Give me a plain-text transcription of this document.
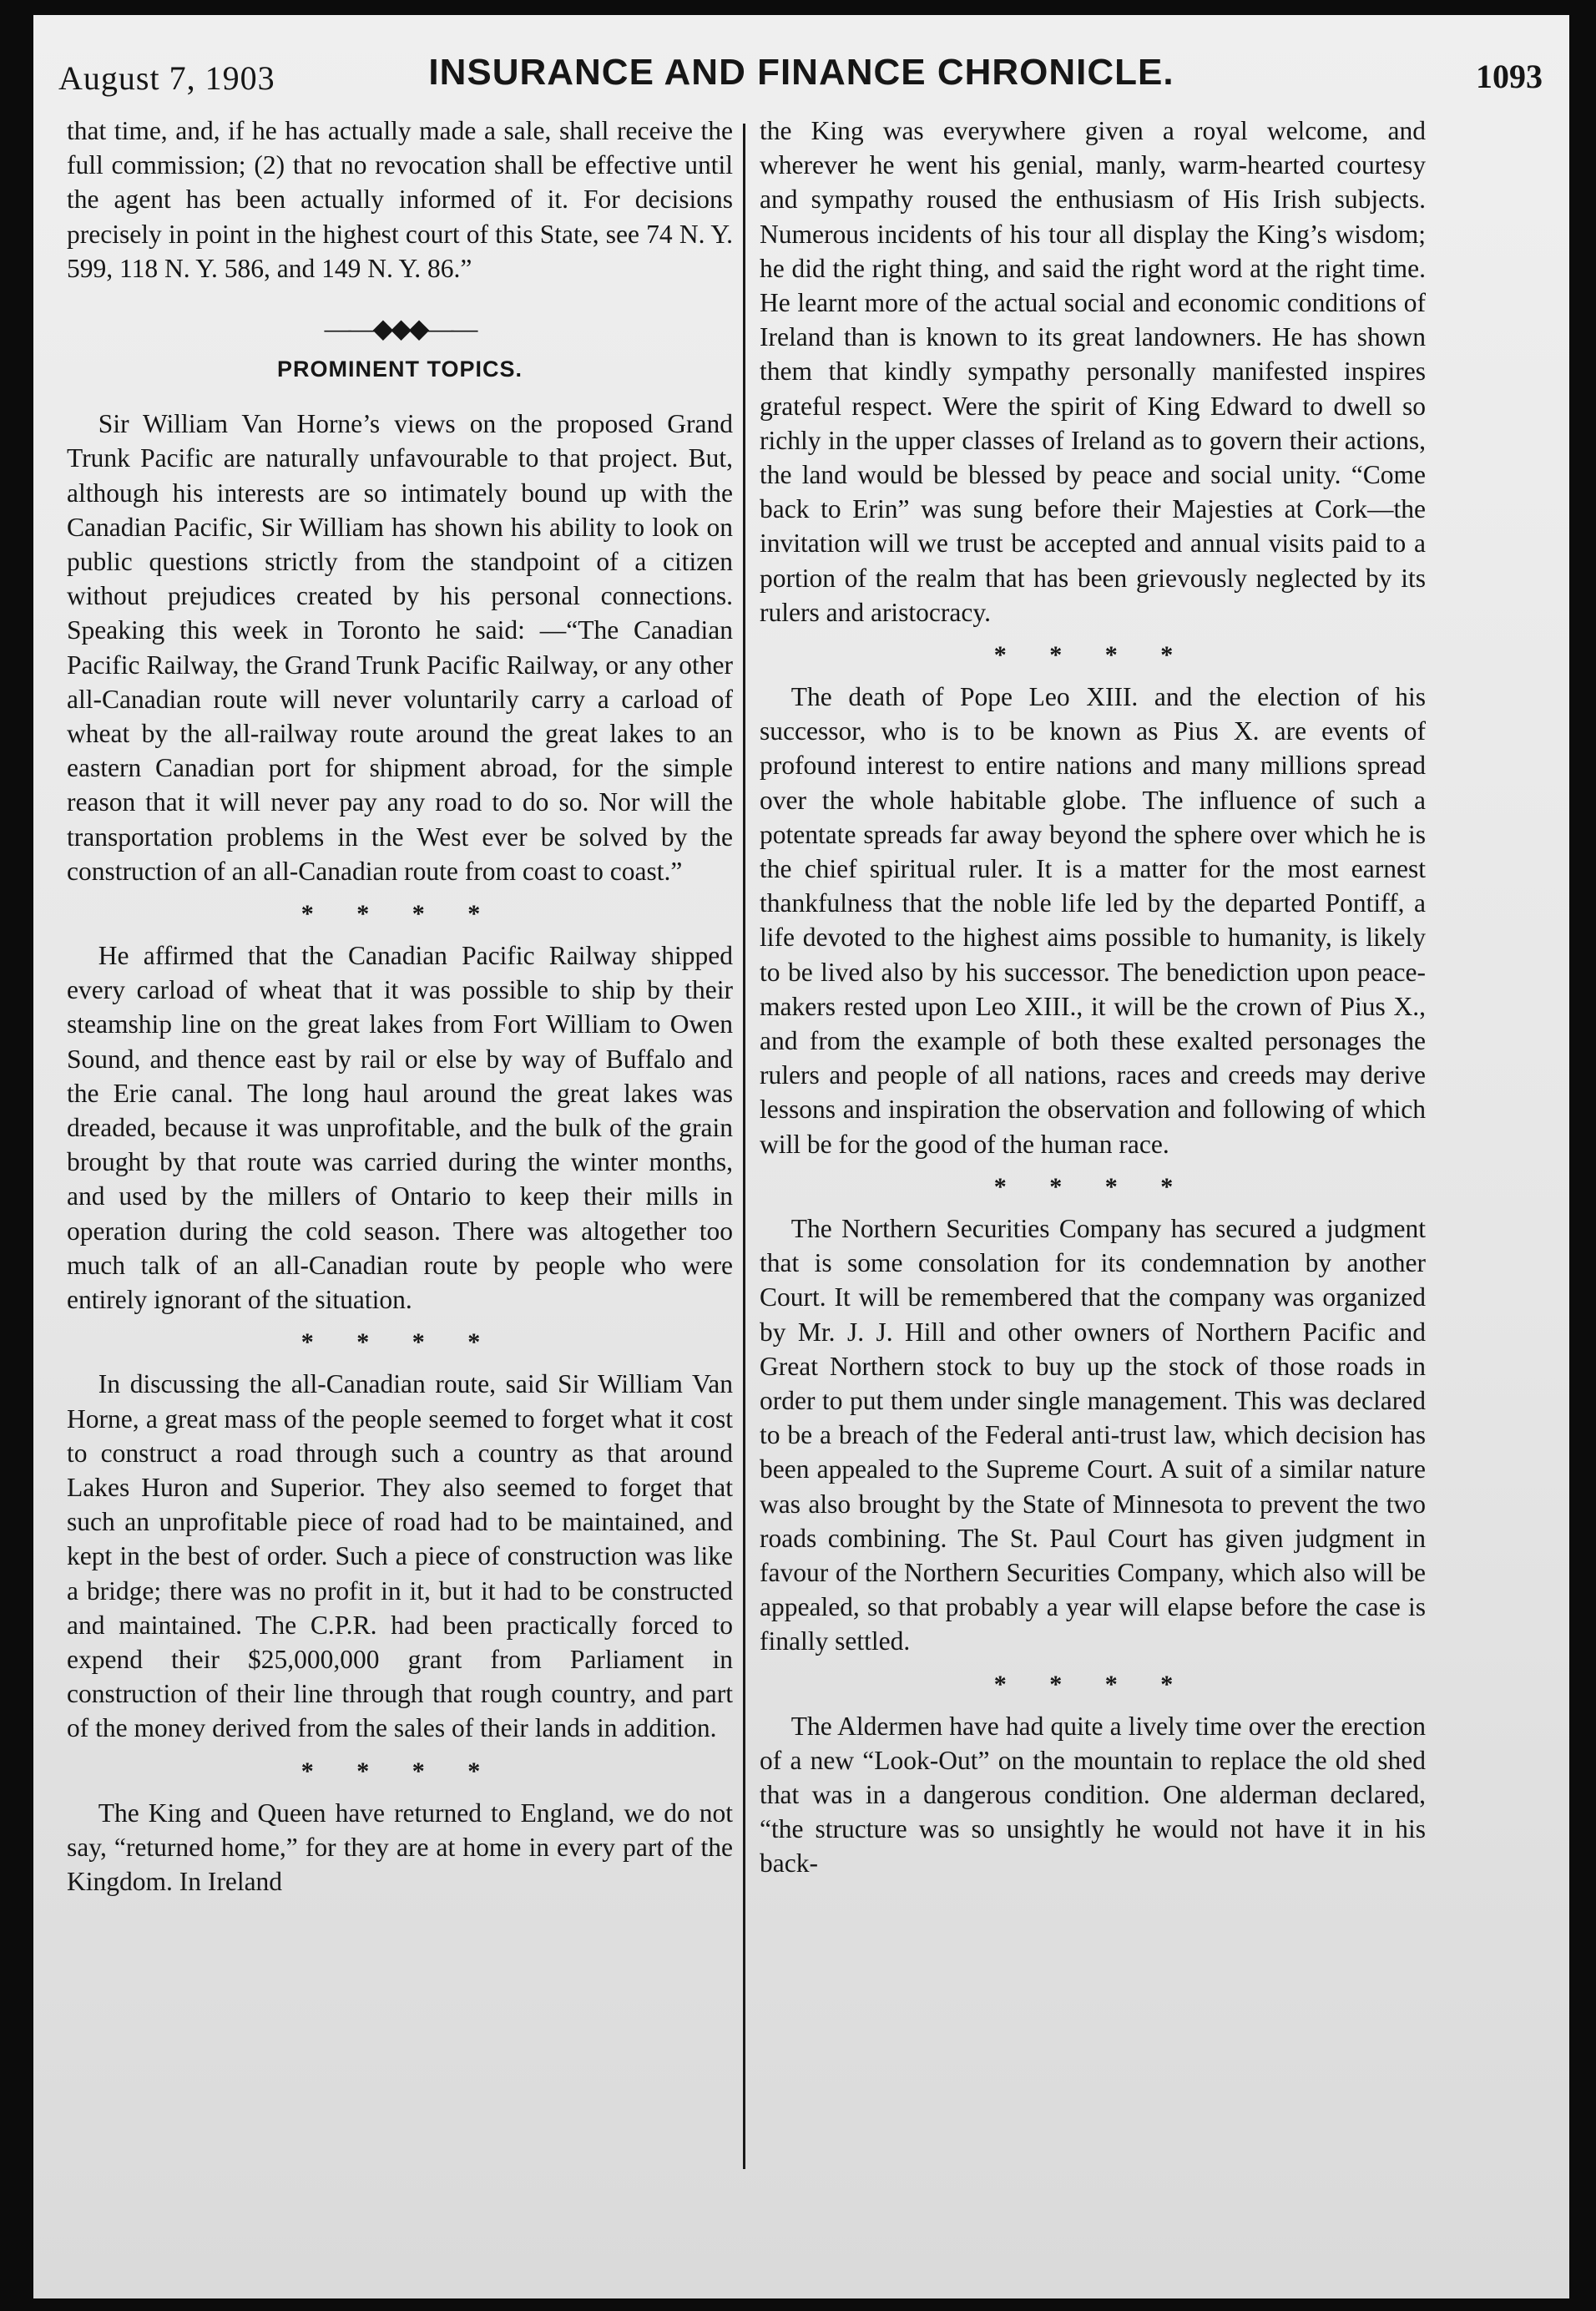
August 7, 1903	INSURANCE AND FINANCE CHRONICLE.	1093

that time, and, if he has actually made a sale, shall receive the full commission; (2) that no revocation shall be effective until the agent has been actually informed of it. For decisions precisely in point in the highest court of this State, see 74 N. Y. 599, 118 N. Y. 586, and 149 N. Y. 86.”

——◆◆◆——
PROMINENT TOPICS.

Sir William Van Horne’s views on the proposed Grand Trunk Pacific are naturally unfavourable to that project. But, although his interests are so intimately bound up with the Canadian Pacific, Sir William has shown his ability to look on public questions strictly from the standpoint of a citizen without prejudices created by his personal connections. Speaking this week in Toronto he said: —“The Canadian Pacific Railway, the Grand Trunk Pacific Railway, or any other all-Canadian route will never voluntarily carry a carload of wheat by the all-railway route around the great lakes to an eastern Canadian port for shipment abroad, for the simple reason that it will never pay any road to do so. Nor will the transportation problems in the West ever be solved by the construction of an all-Canadian route from coast to coast.”

* * * *

He affirmed that the Canadian Pacific Railway shipped every carload of wheat that it was possible to ship by their steamship line on the great lakes from Fort William to Owen Sound, and thence east by rail or else by way of Buffalo and the Erie canal. The long haul around the great lakes was dreaded, because it was unprofitable, and the bulk of the grain brought by that route was carried during the winter months, and used by the millers of Ontario to keep their mills in operation during the cold season. There was altogether too much talk of an all-Canadian route by people who were entirely ignorant of the situation.

* * * *

In discussing the all-Canadian route, said Sir William Van Horne, a great mass of the people seemed to forget what it cost to construct a road through such a country as that around Lakes Huron and Superior. They also seemed to forget that such an unprofitable piece of road had to be maintained, and kept in the best of order. Such a piece of construction was like a bridge; there was no profit in it, but it had to be constructed and maintained. The C.P.R. had been practically forced to expend their $25,000,000 grant from Parliament in construction of their line through that rough country, and part of the money derived from the sales of their lands in addition.

* * * *

The King and Queen have returned to England, we do not say, “returned home,” for they are at home in every part of the Kingdom. In Ireland

the King was everywhere given a royal welcome, and wherever he went his genial, manly, warm-hearted courtesy and sympathy roused the enthusiasm of His Irish subjects. Numerous incidents of his tour all display the King’s wisdom; he did the right thing, and said the right word at the right time. He learnt more of the actual social and economic conditions of Ireland than is known to its great landowners. He has shown them that kindly sympathy personally manifested inspires grateful respect. Were the spirit of King Edward to dwell so richly in the upper classes of Ireland as to govern their actions, the land would be blessed by peace and social unity. “Come back to Erin” was sung before their Majesties at Cork—the invitation will we trust be accepted and annual visits paid to a portion of the realm that has been grievously neglected by its rulers and aristocracy.

* * * *

The death of Pope Leo XIII. and the election of his successor, who is to be known as Pius X. are events of profound interest to entire nations and many millions spread over the whole habitable globe. The influence of such a potentate spreads far away beyond the sphere over which he is the chief spiritual ruler. It is a matter for the most earnest thankfulness that the noble life led by the departed Pontiff, a life devoted to the highest aims possible to humanity, is likely to be lived also by his successor. The benediction upon peace-makers rested upon Leo XIII., it will be the crown of Pius X., and from the example of both these exalted personages the rulers and people of all nations, races and creeds may derive lessons and inspiration the observation and following of which will be for the good of the human race.

* * * *

The Northern Securities Company has secured a judgment that is some consolation for its condemnation by another Court. It will be remembered that the company was organized by Mr. J. J. Hill and other owners of Northern Pacific and Great Northern stock to buy up the stock of those roads in order to put them under single management. This was declared to be a breach of the Federal anti-trust law, which decision has been appealed to the Supreme Court. A suit of a similar nature was also brought by the State of Minnesota to prevent the two roads combining. The St. Paul Court has given judgment in favour of the Northern Securities Company, which also will be appealed, so that probably a year will elapse before the case is finally settled.

* * * *

The Aldermen have had quite a lively time over the erection of a new “Look-Out” on the mountain to replace the old shed that was in a dangerous condition. One alderman declared, “the structure was so unsightly he would not have it in his back-
